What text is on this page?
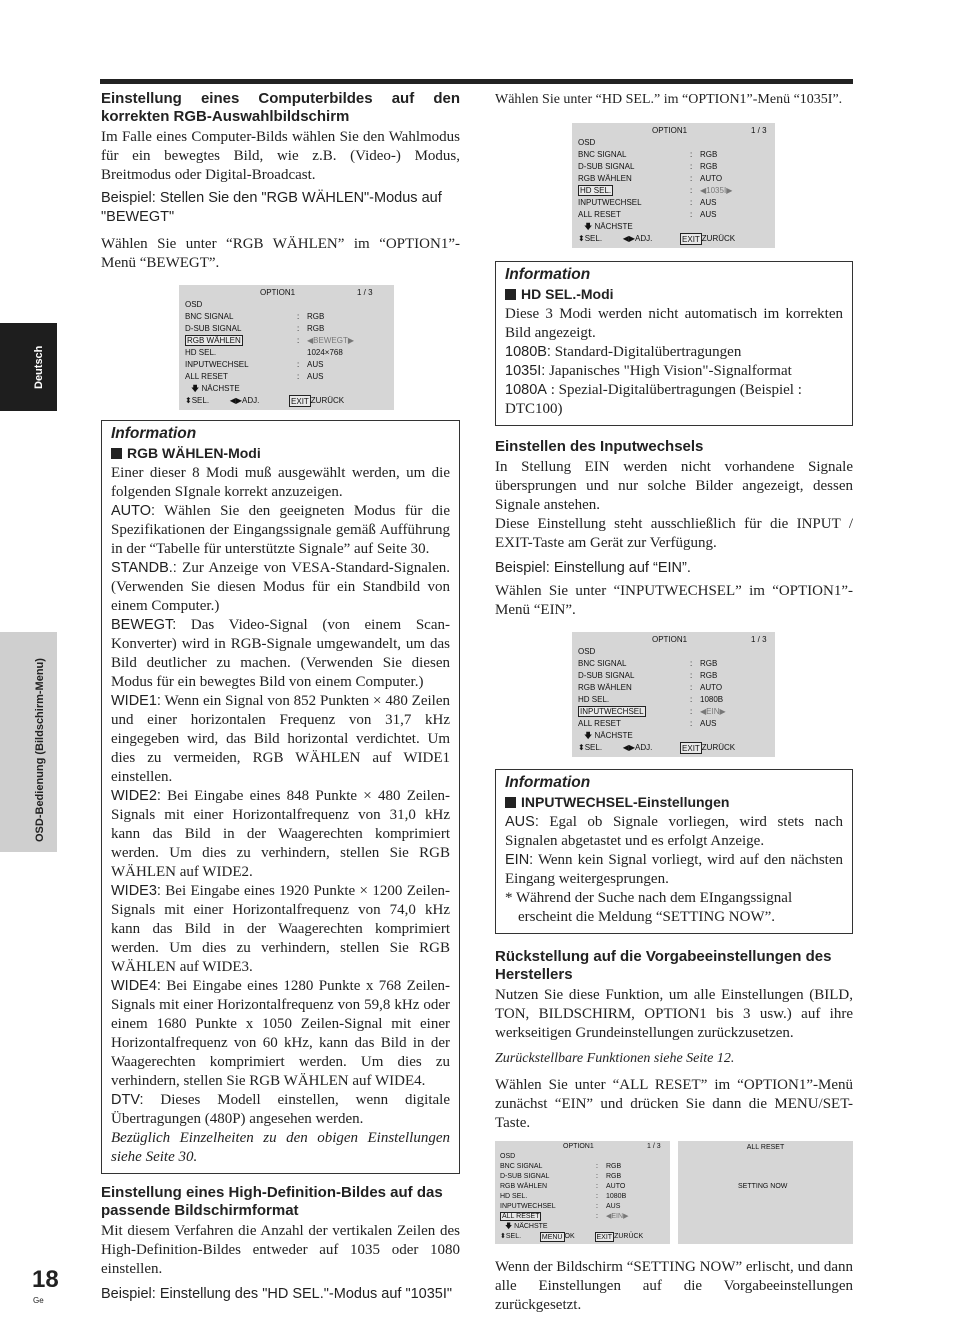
Deutsch
OSD-Bedienung (Bildschirm-Menu)
18
Ge
Einstellung eines Computerbildes auf den korrekten RGB-Auswahlbildschirm

Im Falle eines Computer-Bilds wählen Sie den Wahlmodus für ein bewegtes Bild, wie z.B. (Video-) Modus, Breitmodus oder Digital-Broadcast.

Beispiel: Stellen Sie den "RGB WÄHLEN"-Modus auf "BEWEGT"

Wählen Sie unter “RGB WÄHLEN” im “OPTION1”-Menü “BEWEGT”.

OPTION1	1 / 3
OSD
BNC SIGNAL	: RGB
D-SUB SIGNAL	: RGB
RGB WÄHLEN	: ◀BEWEGT▶
HD SEL.	1024×768
INPUTWECHSEL	: AUS
ALL RESET	: AUS
🡇
NÄCHSTE
⬍ SEL.	◀▶ ADJ.	EXIT ZURÜCK
Information
RGB WÄHLEN-Modi

Einer dieser 8 Modi muß ausgewählt werden, um die folgenden SIgnale korrekt anzuzeigen.

AUTO: Wählen Sie den geeigneten Modus für die Spezifikationen der Eingangssignale gemäß Aufführung in der “Tabelle für unterstützte Signale” auf Seite 30.

STANDB.: Zur Anzeige von VESA-Standard-Signalen. (Verwenden Sie diesen Modus für ein Standbild von einem Computer.)

BEWEGT: Das Video-Signal (von einem Scan-Konverter) wird in RGB-Signale umgewandelt, um das Bild deutlicher zu machen. (Verwenden Sie diesen Modus für ein bewegtes Bild von einem Computer.)

WIDE1: Wenn ein Signal von 852 Punkten × 480 Zeilen und einer horizontalen Frequenz von 31,7 kHz eingegeben wird, das Bild horizontal verdichtet. Um dies zu vermeiden, RGB WÄHLEN auf WIDE1 einstellen.

WIDE2: Bei Eingabe eines 848 Punkte × 480 Zeilen-Signals mit einer Horizontalfrequenz von 31,0 kHz kann das Bild in der Waagerechten komprimiert werden. Um dies zu verhindern, stellen Sie RGB WÄHLEN auf WIDE2.

WIDE3: Bei Eingabe eines 1920 Punkte × 1200 Zeilen-Signals mit einer Horizontalfrequenz von 74,0 kHz kann das Bild in der Waagerechten komprimiert werden. Um dies zu verhindern, stellen Sie RGB WÄHLEN auf WIDE3.

WIDE4: Bei Eingabe eines 1280 Punkte x 768 Zeilen-Signals mit einer Horizontalfrequenz von 59,8 kHz oder einem 1680 Punkte x 1050 Zeilen-Signal mit einer Horizontalfrequenz von 60 kHz, kann das Bild in der Waagerechten komprimiert werden. Um dies zu verhindern, stellen Sie RGB WÄHLEN auf WIDE4.

DTV: Dieses Modell einstellen, wenn digitale Übertragungen (480P) angesehen werden.

Bezüglich Einzelheiten zu den obigen Einstellungen siehe Seite 30.

Einstellung eines High-Definition-Bildes auf das passende Bildschirmformat

Mit diesem Verfahren die Anzahl der vertikalen Zeilen des High-Definition-Bildes entweder auf 1035 oder 1080 einstellen.

Beispiel: Einstellung des "HD SEL."-Modus auf "1035I"

Wählen Sie unter “HD SEL.” im “OPTION1”-Menü “1035I”.

OPTION1	1 / 3
OSD
BNC SIGNAL	: RGB
D-SUB SIGNAL	: RGB
RGB WÄHLEN	: AUTO
HD SEL.	: ◀1035I▶
INPUTWECHSEL	: AUS
ALL RESET	: AUS
🡇
NÄCHSTE
⬍ SEL.	◀▶ ADJ.	EXIT ZURÜCK
Information
HD SEL.-Modi

Diese 3 Modi werden nicht automatisch im korrekten Bild angezeigt.

1080B: Standard-Digitalübertragungen

1035I: Japanisches "High Vision"-Signalformat

1080A : Spezial-Digitalübertragungen (Beispiel : DTC100)

Einstellen des Inputwechsels

In Stellung EIN werden nicht vorhandene Signale übersprungen und nur solche Bilder angezeigt, dessen Signale anstehen.

Diese Einstellung steht ausschließlich für die INPUT / EXIT-Taste am Gerät zur Verfügung.

Beispiel: Einstellung auf “EIN”.

Wählen Sie unter “INPUTWECHSEL” im “OPTION1”-Menü “EIN”.

OPTION1	1 / 3
OSD
BNC SIGNAL	: RGB
D-SUB SIGNAL	: RGB
RGB WÄHLEN	: AUTO
HD SEL.	: 1080B
INPUTWECHSEL	: ◀EIN▶
ALL RESET	: AUS
🡇
NÄCHSTE
⬍ SEL.	◀▶ ADJ.	EXIT ZURÜCK
Information
INPUTWECHSEL-Einstellungen

AUS: Egal ob Signale vorliegen, wird stets nach Signalen abgetastet und es erfolgt Anzeige.

EIN: Wenn kein Signal vorliegt, wird auf den nächsten Eingang weitergesprungen.

* Während der Suche nach dem EIngangssignal erscheint die Meldung “SETTING NOW”.

Rückstellung auf die Vorgabeeinstellungen des Herstellers

Nutzen Sie diese Funktion, um alle Einstellungen (BILD, TON, BILDSCHIRM, OPTION1 bis 3 usw.) auf ihre werkseitigen Grundeinstellungen zurückzusetzen.

Zurückstellbare Funktionen siehe Seite 12.

Wählen Sie unter “ALL RESET” im “OPTION1”-Menü zunächst “EIN” und drücken Sie dann die MENU/SET-Taste.

OPTION1	1 / 3
OSD
BNC SIGNAL	:	RGB
D-SUB SIGNAL	:	RGB
RGB WÄHLEN	:	AUTO
HD SEL.	:	1080B
INPUTWECHSEL	:	AUS
ALL RESET	:	◀EIN▶
🡇
NÄCHSTE
⬍ SEL.	MENU OK	EXIT ZURÜCK
ALL RESET
SETTING NOW

Wenn der Bildschirm “SETTING NOW” erlischt, und dann alle Einstellungen auf die Vorgabeeinstellungen zurückgesetzt.
